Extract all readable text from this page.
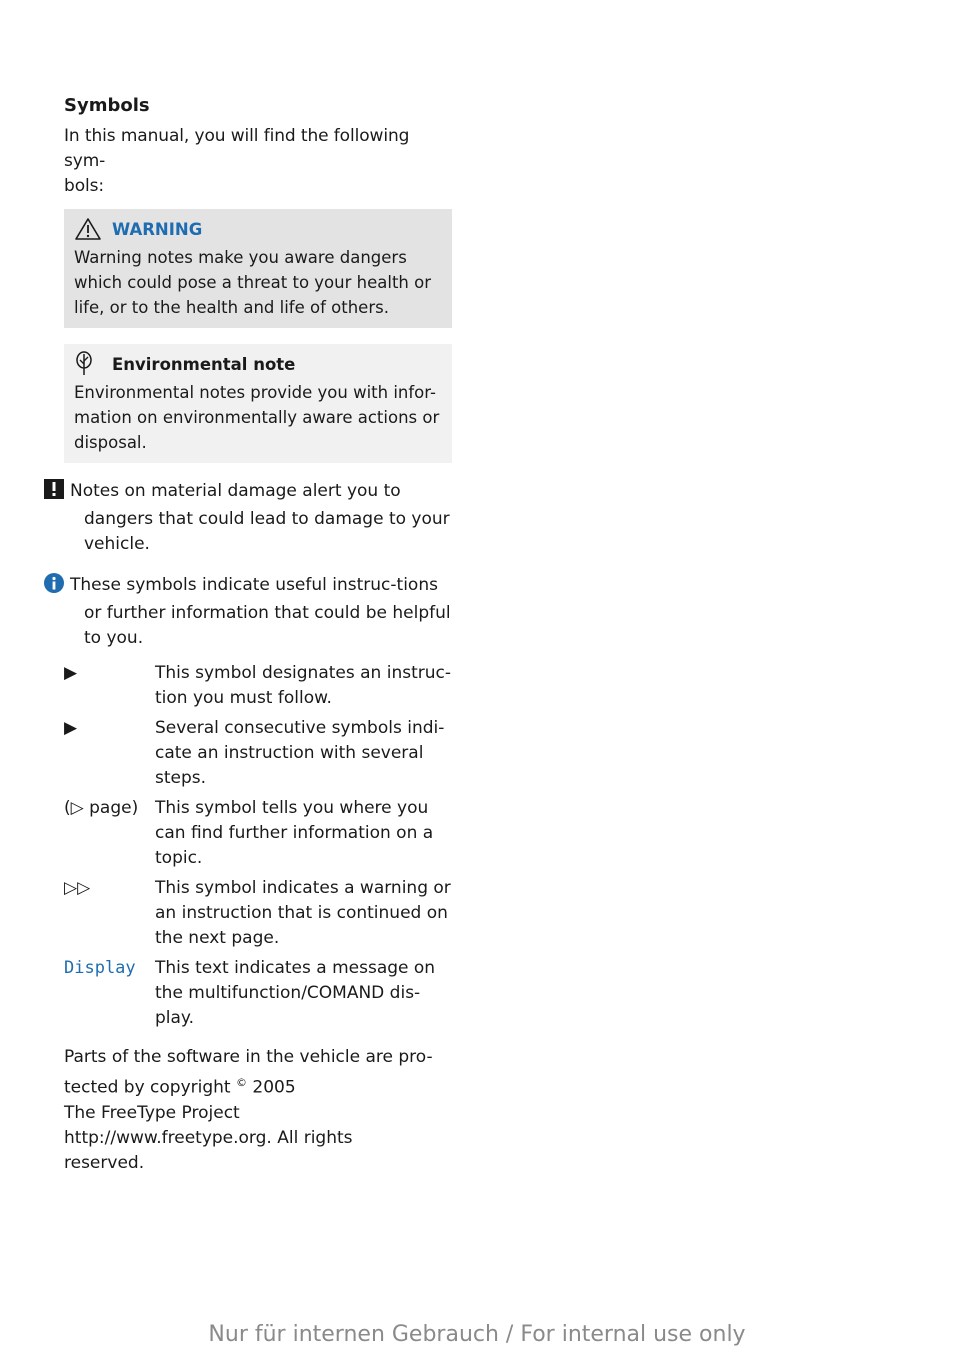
Symbols

In this manual, you will find the following sym-
bols:

WARNING
Warning notes make you aware dangers which could pose a threat to your health or life, or to the health and life of others.
Environmental note
Environmental notes provide you with infor-mation on environmentally aware actions or disposal.
Notes on material damage alert you to dangers that could lead to damage to your vehicle.
These symbols indicate useful instruc-tions or further information that could be helpful to you.
▶	This symbol designates an instruc-tion you must follow.
▶	Several consecutive symbols indi-cate an instruction with several steps.
(▷ page) This symbol tells you where you can find further information on a topic.
▷▷	This symbol indicates a warning or an instruction that is continued on the next page.
Display	This text indicates a message on the multifunction/COMAND dis-play.
Parts of the software in the vehicle are pro-
tected by copyright © 2005
The FreeType Project
http://www.freetype.org. All rights
reserved.
Nur für internen Gebrauch / For internal use only
